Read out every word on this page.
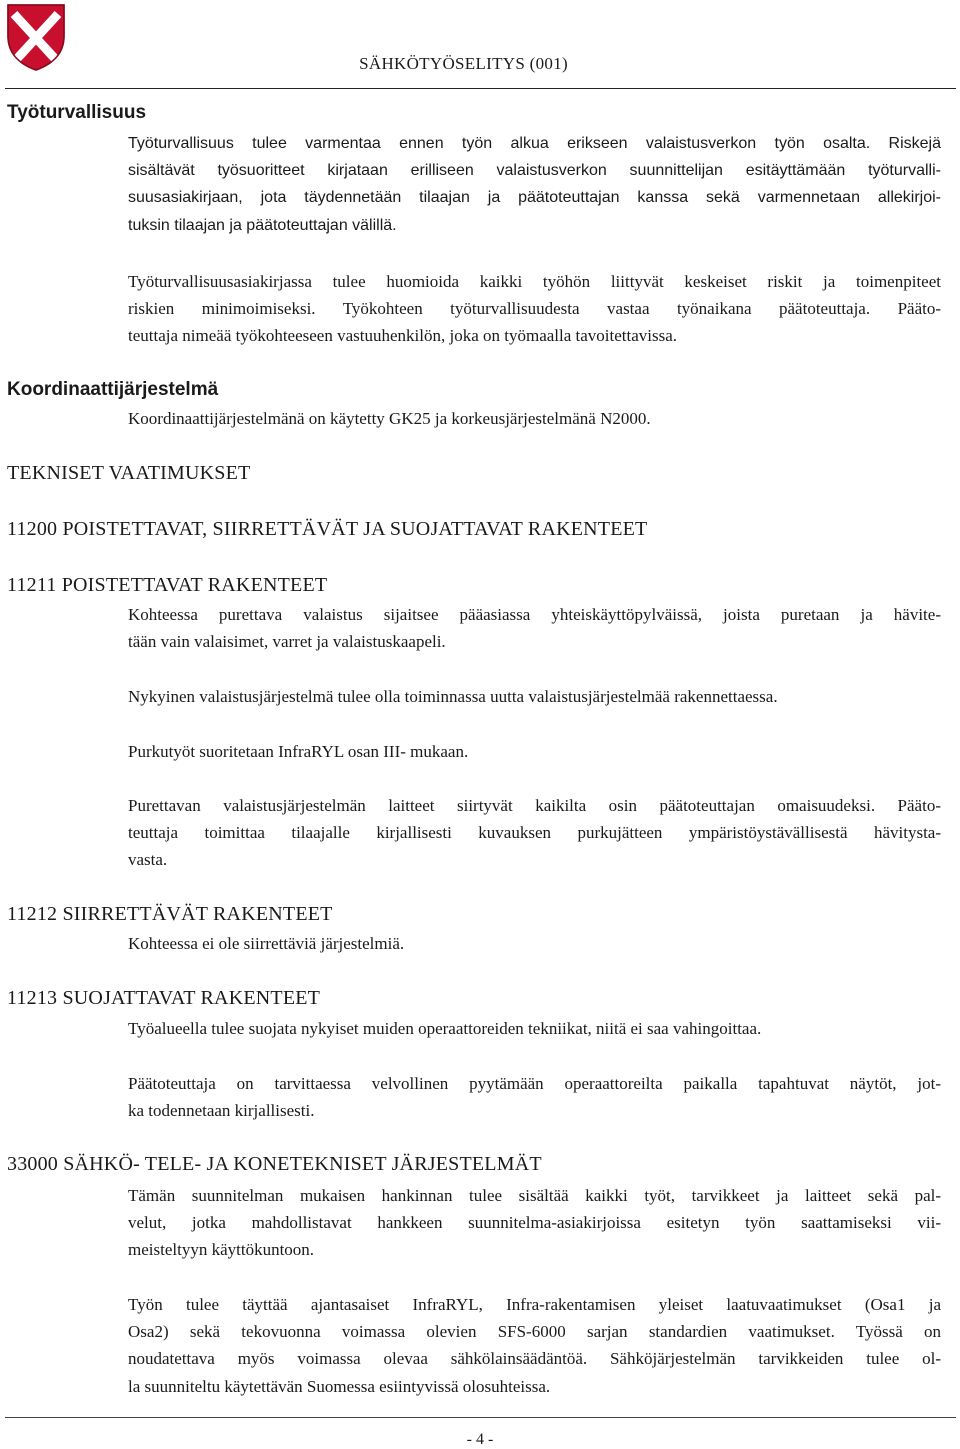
SÄHKÖTYÖSELITYS (001)
Työturvallisuus

Työturvallisuus tulee varmentaa ennen työn alkua erikseen valaistusverkon työn osalta. Riskejä
sisältävät työsuoritteet kirjataan erilliseen valaistusverkon suunnittelijan esitäyttämään työturvalli-
suusasiakirjaan, jota täydennetään tilaajan ja päätoteuttajan kanssa sekä varmennetaan allekirjoi-
tuksin tilaajan ja päätoteuttajan välillä.

Työturvallisuusasiakirjassa tulee huomioida kaikki työhön liittyvät keskeiset riskit ja toimenpiteet
riskien minimoimiseksi. Työkohteen työturvallisuudesta vastaa työnaikana päätoteuttaja. Pääto-
teuttaja nimeää työkohteeseen vastuuhenkilön, joka on työmaalla tavoitettavissa.

Koordinaattijärjestelmä

Koordinaattijärjestelmänä on käytetty GK25 ja korkeusjärjestelmänä N2000.

TEKNISET VAATIMUKSET
11200 POISTETTAVAT, SIIRRETTÄVÄT JA SUOJATTAVAT RAKENTEET
11211 POISTETTAVAT RAKENTEET

Kohteessa purettava valaistus sijaitsee pääasiassa yhteiskäyttöpylväissä, joista puretaan ja hävite-
tään vain valaisimet, varret ja valaistuskaapeli.

Nykyinen valaistusjärjestelmä tulee olla toiminnassa uutta valaistusjärjestelmää rakennettaessa.

Purkutyöt suoritetaan InfraRYL osan III- mukaan.

Purettavan valaistusjärjestelmän laitteet siirtyvät kaikilta osin päätoteuttajan omaisuudeksi. Pääto-
teuttaja toimittaa tilaajalle kirjallisesti kuvauksen purkujätteen ympäristöystävällisestä hävitysta-
vasta.

11212 SIIRRETTÄVÄT RAKENTEET

Kohteessa ei ole siirrettäviä järjestelmiä.

11213 SUOJATTAVAT RAKENTEET

Työalueella tulee suojata nykyiset muiden operaattoreiden tekniikat, niitä ei saa vahingoittaa.

Päätoteuttaja on tarvittaessa velvollinen pyytämään operaattoreilta paikalla tapahtuvat näytöt, jot-
ka todennetaan kirjallisesti.

33000 SÄHKÖ- TELE- JA KONETEKNISET JÄRJESTELMÄT

Tämän suunnitelman mukaisen hankinnan tulee sisältää kaikki työt, tarvikkeet ja laitteet sekä pal-
velut, jotka mahdollistavat hankkeen suunnitelma-asiakirjoissa esitetyn työn saattamiseksi vii-
meisteltyyn käyttökuntoon.

Työn tulee täyttää ajantasaiset InfraRYL, Infra-rakentamisen yleiset laatuvaatimukset (Osa1 ja
Osa2) sekä tekovuonna voimassa olevien SFS-6000 sarjan standardien vaatimukset. Työssä on
noudatettava myös voimassa olevaa sähkölainsäädäntöä. Sähköjärjestelmän tarvikkeiden tulee ol-
la suunniteltu käytettävän Suomessa esiintyvissä olosuhteissa.

- 4 -
